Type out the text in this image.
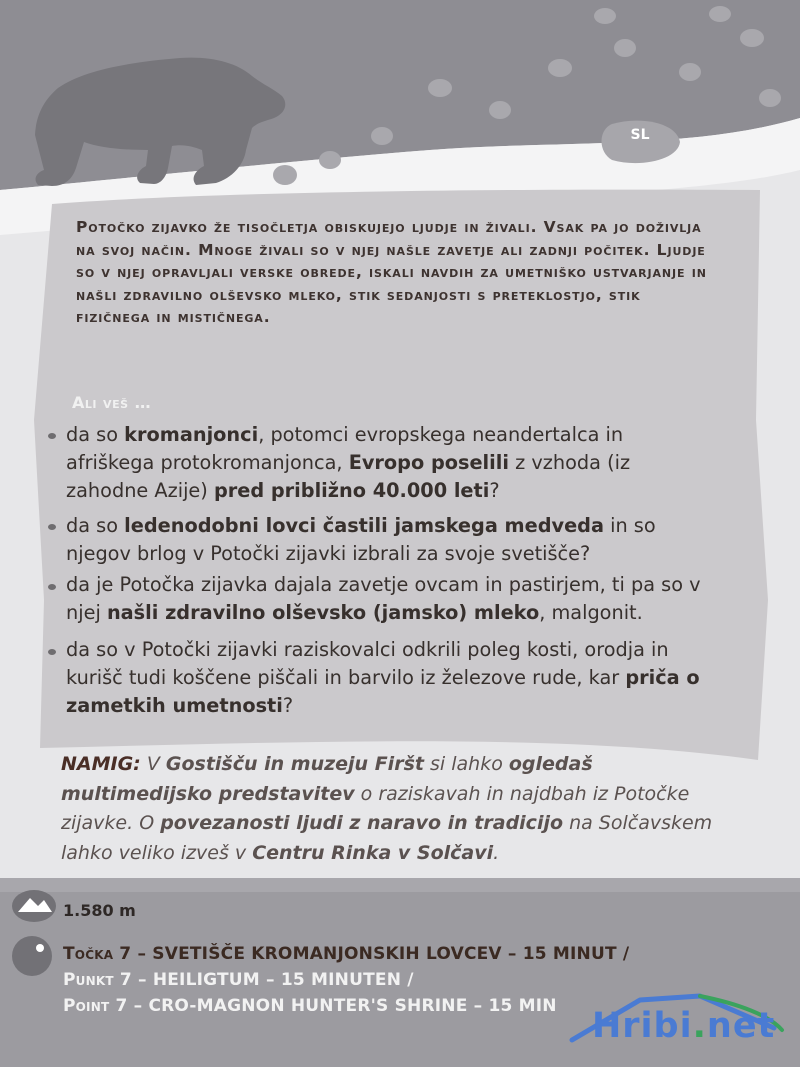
SL
Potočko zijavko že tisočletja obiskujejo ljudje in živali. Vsak pa jo doživlja na svoj način. Mnoge živali so v njej našle zavetje ali zadnji počitek. Ljudje so v njej opravljali verske obrede, iskali navdih za umetniško ustvarjanje in našli zdravilno olševsko mleko, stik sedanjosti s preteklostjo, stik fizičnega in mističnega.
Ali veš …
da so kromanjonci, potomci evropskega neandertalca in afriškega protokromanjonca, Evropo poselili z vzhoda (iz zahodne Azije) pred približno 40.000 leti?
da so ledenodobni lovci častili jamskega medveda in so njegov brlog v Potočki zijavki izbrali za svoje svetišče?
da je Potočka zijavka dajala zavetje ovcam in pastirjem, ti pa so v njej našli zdravilno olševsko (jamsko) mleko, malgonit.
da so v Potočki zijavki raziskovalci odkrili poleg kosti, orodja in kurišč tudi koščene piščali in barvilo iz železove rude, kar priča o zametkih umetnosti?
NAMIG: V Gostišču in muzeju Firšt si lahko ogledaš multimedijsko predstavitev o raziskavah in najdbah iz Potočke zijavke. O povezanosti ljudi z naravo in tradicijo na Solčavskem lahko veliko izveš v Centru Rinka v Solčavi.
1.580 m
Točka 7 – SVETIŠČE KROMANJONSKIH LOVCEV – 15 MINUT /
Punkt 7 – HEILIGTUM – 15 MINUTEN /
Point 7 – CRO-MAGNON HUNTER'S SHRINE – 15 MIN Hribi.net
